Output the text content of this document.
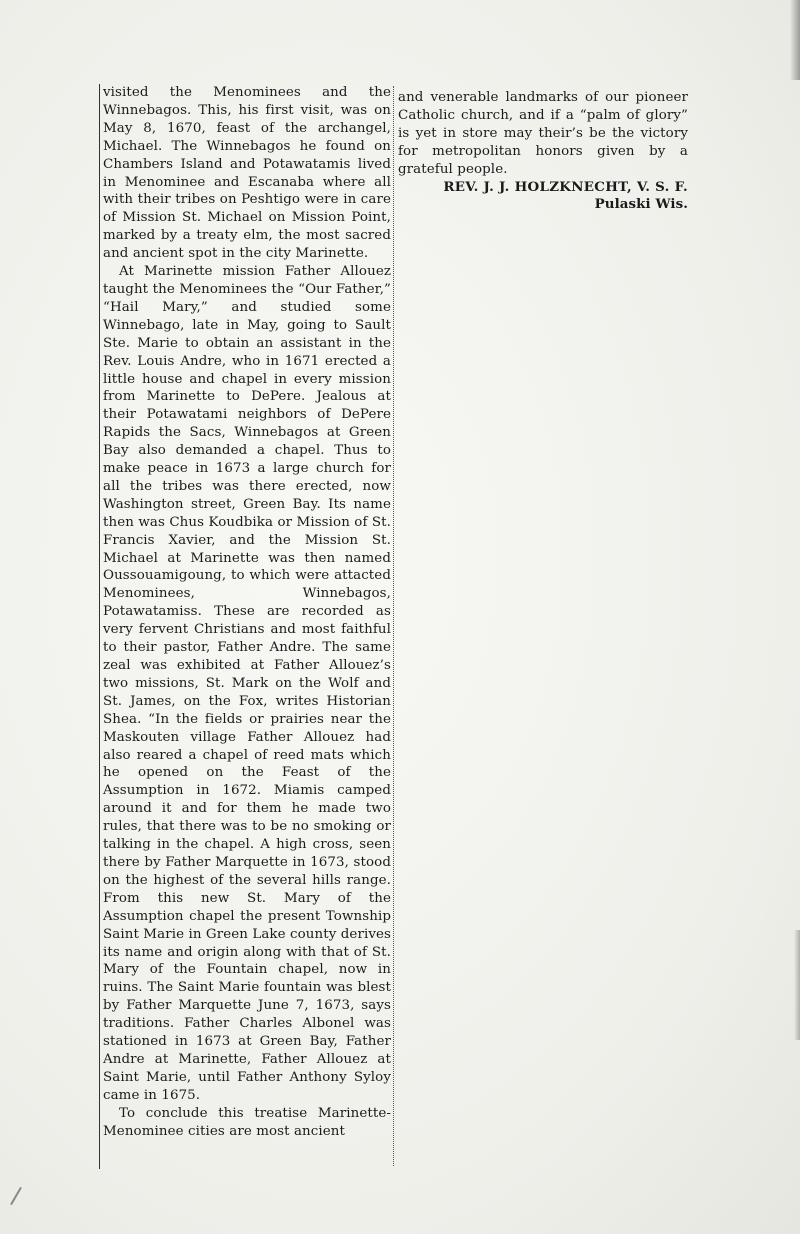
visited the Menominees and the Winnebagos. This, his first visit, was on May 8, 1670, feast of the archangel, Michael. The Winnebagos he found on Chambers Island and Potawatamis lived in Menominee and Escanaba where all with their tribes on Peshtigo were in care of Mission St. Michael on Mission Point, marked by a treaty elm, the most sacred and ancient spot in the city Marinette.

At Marinette mission Father Allouez taught the Menominees the “Our Father,” “Hail Mary,” and studied some Winnebago, late in May, going to Sault Ste. Marie to obtain an assistant in the Rev. Louis Andre, who in 1671 erected a little house and chapel in every mission from Marinette to DePere. Jealous at their Potawatami neighbors of DePere Rapids the Sacs, Winnebagos at Green Bay also demanded a chapel. Thus to make peace in 1673 a large church for all the tribes was there erected, now Washington street, Green Bay. Its name then was Chus Koudbika or Mission of St. Francis Xavier, and the Mission St. Michael at Marinette was then named Oussouamigoung, to which were attacted Menominees, Winnebagos, Potawatamiss. These are recorded as very fervent Christians and most faithful to their pastor, Father Andre. The same zeal was exhibited at Father Allouez’s two missions, St. Mark on the Wolf and St. James, on the Fox, writes Historian Shea. “In the fields or prairies near the Maskouten village Father Allouez had also reared a chapel of reed mats which he opened on the Feast of the Assumption in 1672. Miamis camped around it and for them he made two rules, that there was to be no smoking or talking in the chapel. A high cross, seen there by Father Marquette in 1673, stood on the highest of the several hills range. From this new St. Mary of the Assumption chapel the present Township Saint Marie in Green Lake county derives its name and origin along with that of St. Mary of the Fountain chapel, now in ruins. The Saint Marie fountain was blest by Father Marquette June 7, 1673, says traditions. Father Charles Albonel was stationed in 1673 at Green Bay, Father Andre at Marinette, Father Allouez at Saint Marie, until Father Anthony Syloy came in 1675.

To conclude this treatise Marinette-Menominee cities are most ancient

and venerable landmarks of our pioneer Catholic church, and if a “palm of glory” is yet in store may their’s be the victory for metropolitan honors given by a grateful people.

REV. J. J. HOLZKNECHT, V. S. F.

Pulaski Wis.
